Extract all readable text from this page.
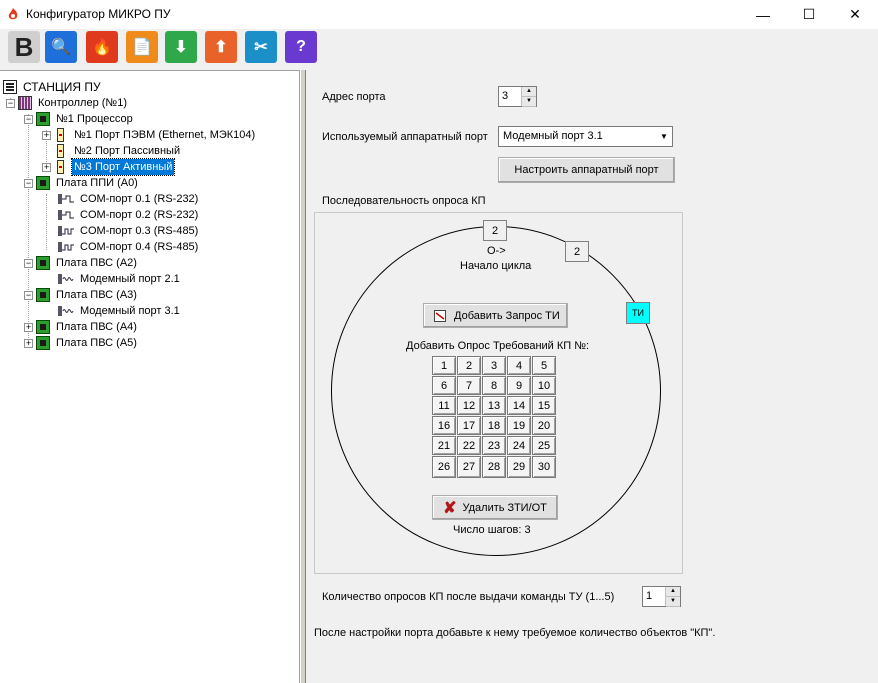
Конфигуратор МИКРО ПУ	— ☐ ✕
B 🔍 🔥 📄 ⬇ ⬆ ✂ ?
СТАНЦИЯ ПУ
− Контроллер (№1)
− №1 Процессор
+ №1 Порт ПЭВМ (Ethernet, МЭК104)
№2 Порт Пассивный
+ №3 Порт Активный
− Плата ППИ (А0)
COM-порт 0.1 (RS-232)
COM-порт 0.2 (RS-232)
COM-порт 0.3 (RS-485)
COM-порт 0.4 (RS-485)
− Плата ПВС (А2)
Модемный порт 2.1
− Плата ПВС (А3)
Модемный порт 3.1
+ Плата ПВС (А4)
+ Плата ПВС (А5)
Адрес порта	3	▲
▼
Используемый аппаратный порт Модемный порт 3.1	▼
Настроить аппаратный порт
Последовательность опроса КП
2
2
O->
Начало цикла
ТИ
Добавить Запрос ТИ
Добавить Опрос Требований КП №:
1	2	3	4	5
6	7	8	9	10
11	12	13	14	15
16	17	18	19	20
21	22	23	24	25
26	27	28	29	30
✘ Удалить ЗТИ/ОТ
Число шагов: 3
Количество опросов КП после выдачи команды ТУ (1...5)	1	▲
▼
После настройки порта добавьте к нему требуемое количество объектов "КП".
